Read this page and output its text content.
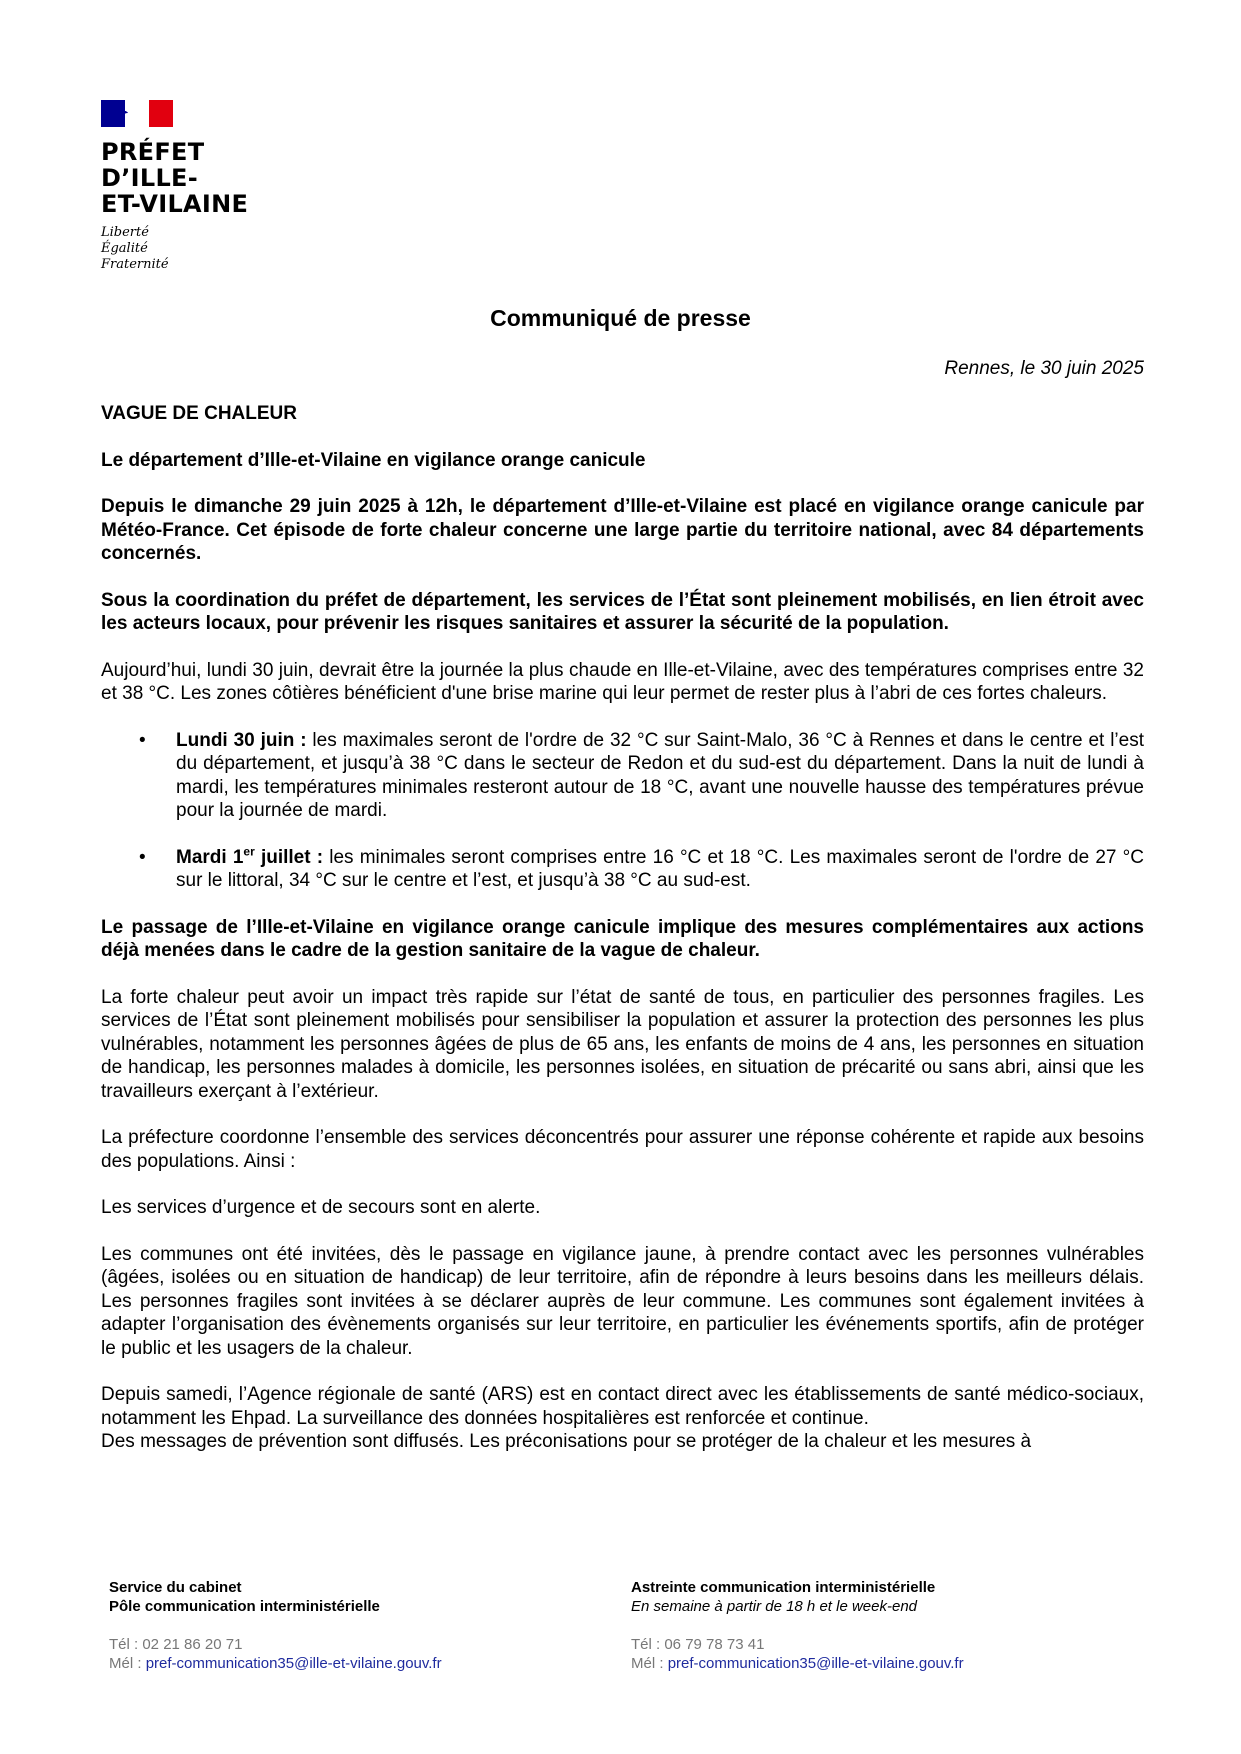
PRÉFET
D’ILLE-
ET-VILAINE
Liberté
Égalité
Fraternité
Communiqué de presse
Rennes, le 30 juin 2025

VAGUE DE CHALEUR

Le département d’Ille-et-Vilaine en vigilance orange canicule

Depuis le dimanche 29 juin 2025 à 12h, le département d’Ille-et-Vilaine est placé en vigilance orange canicule par Météo-France. Cet épisode de forte chaleur concerne une large partie du territoire national, avec 84 départements concernés.

Sous la coordination du préfet de département, les services de l’État sont pleinement mobilisés, en lien étroit avec les acteurs locaux, pour prévenir les risques sanitaires et assurer la sécurité de la population.

Aujourd’hui, lundi 30 juin, devrait être la journée la plus chaude en Ille-et-Vilaine, avec des températures comprises entre 32 et 38 °C. Les zones côtières bénéficient d'une brise marine qui leur permet de rester plus à l’abri de ces fortes chaleurs.

• Lundi 30 juin : les maximales seront de l'ordre de 32 °C sur Saint-Malo, 36 °C à Rennes et dans le centre et l’est du département, et jusqu’à 38 °C dans le secteur de Redon et du sud-est du département. Dans la nuit de lundi à mardi, les températures minimales resteront autour de 18 °C, avant une nouvelle hausse des températures prévue pour la journée de mardi.
• Mardi 1er juillet : les minimales seront comprises entre 16 °C et 18 °C. Les maximales seront de l'ordre de 27 °C sur le littoral, 34 °C sur le centre et l’est, et jusqu’à 38 °C au sud-est.

Le passage de l’Ille-et-Vilaine en vigilance orange canicule implique des mesures complémentaires aux actions déjà menées dans le cadre de la gestion sanitaire de la vague de chaleur.

La forte chaleur peut avoir un impact très rapide sur l’état de santé de tous, en particulier des personnes fragiles. Les services de l’État sont pleinement mobilisés pour sensibiliser la population et assurer la protection des personnes les plus vulnérables, notamment les personnes âgées de plus de 65 ans, les enfants de moins de 4 ans, les personnes en situation de handicap, les personnes malades à domicile, les personnes isolées, en situation de précarité ou sans abri, ainsi que les travailleurs exerçant à l’extérieur.

La préfecture coordonne l’ensemble des services déconcentrés pour assurer une réponse cohérente et rapide aux besoins des populations. Ainsi :

Les services d’urgence et de secours sont en alerte.

Les communes ont été invitées, dès le passage en vigilance jaune, à prendre contact avec les personnes vulnérables (âgées, isolées ou en situation de handicap) de leur territoire, afin de répondre à leurs besoins dans les meilleurs délais. Les personnes fragiles sont invitées à se déclarer auprès de leur commune. Les communes sont également invitées à adapter l’organisation des évènements organisés sur leur territoire, en particulier les événements sportifs, afin de protéger le public et les usagers de la chaleur.

Depuis samedi, l’Agence régionale de santé (ARS) est en contact direct avec les établissements de santé médico-sociaux, notamment les Ehpad. La surveillance des données hospitalières est renforcée et continue.

Des messages de prévention sont diffusés. Les préconisations pour se protéger de la chaleur et les mesures à

Service du cabinet
Pôle communication interministérielle
Tél : 02 21 86 20 71
Mél : pref-communication35@ille-et-vilaine.gouv.fr
Astreinte communication interministérielle
En semaine à partir de 18 h et le week-end
Tél : 06 79 78 73 41
Mél : pref-communication35@ille-et-vilaine.gouv.fr
